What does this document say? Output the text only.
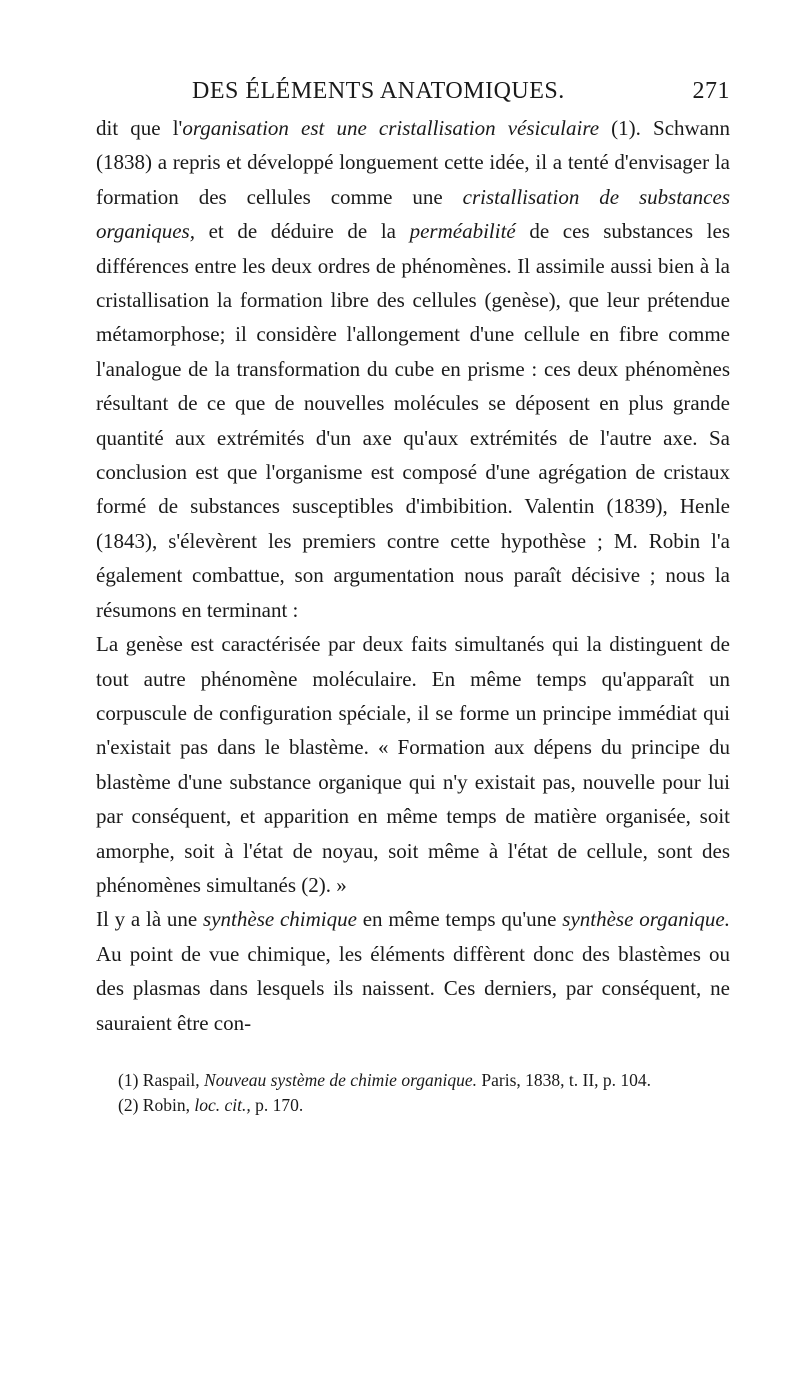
DES ÉLÉMENTS ANATOMIQUES.	271

dit que l'organisation est une cristallisation vésiculaire (1). Schwann (1838) a repris et développé longuement cette idée, il a tenté d'envisager la formation des cellules comme une cristallisation de substances organiques, et de déduire de la perméabilité de ces substances les différences entre les deux ordres de phénomènes. Il assimile aussi bien à la cristallisation la formation libre des cellules (genèse), que leur prétendue métamorphose; il considère l'allongement d'une cellule en fibre comme l'analogue de la transformation du cube en prisme : ces deux phénomènes résultant de ce que de nouvelles molécules se déposent en plus grande quantité aux extrémités d'un axe qu'aux extrémités de l'autre axe. Sa conclusion est que l'organisme est composé d'une agrégation de cristaux formé de substances susceptibles d'imbibition. Valentin (1839), Henle (1843), s'élevèrent les premiers contre cette hypothèse ; M. Robin l'a également combattue, son argumentation nous paraît décisive ; nous la résumons en terminant :

La genèse est caractérisée par deux faits simultanés qui la distinguent de tout autre phénomène moléculaire. En même temps qu'apparaît un corpuscule de configuration spéciale, il se forme un principe immédiat qui n'existait pas dans le blastème. « Formation aux dépens du principe du blastème d'une substance organique qui n'y existait pas, nouvelle pour lui par conséquent, et apparition en même temps de matière organisée, soit amorphe, soit à l'état de noyau, soit même à l'état de cellule, sont des phénomènes simultanés (2). »

Il y a là une synthèse chimique en même temps qu'une synthèse organique. Au point de vue chimique, les éléments diffèrent donc des blastèmes ou des plasmas dans lesquels ils naissent. Ces derniers, par conséquent, ne sauraient être con-

(1) Raspail, Nouveau système de chimie organique. Paris, 1838, t. II, p. 104.

(2) Robin, loc. cit., p. 170.
